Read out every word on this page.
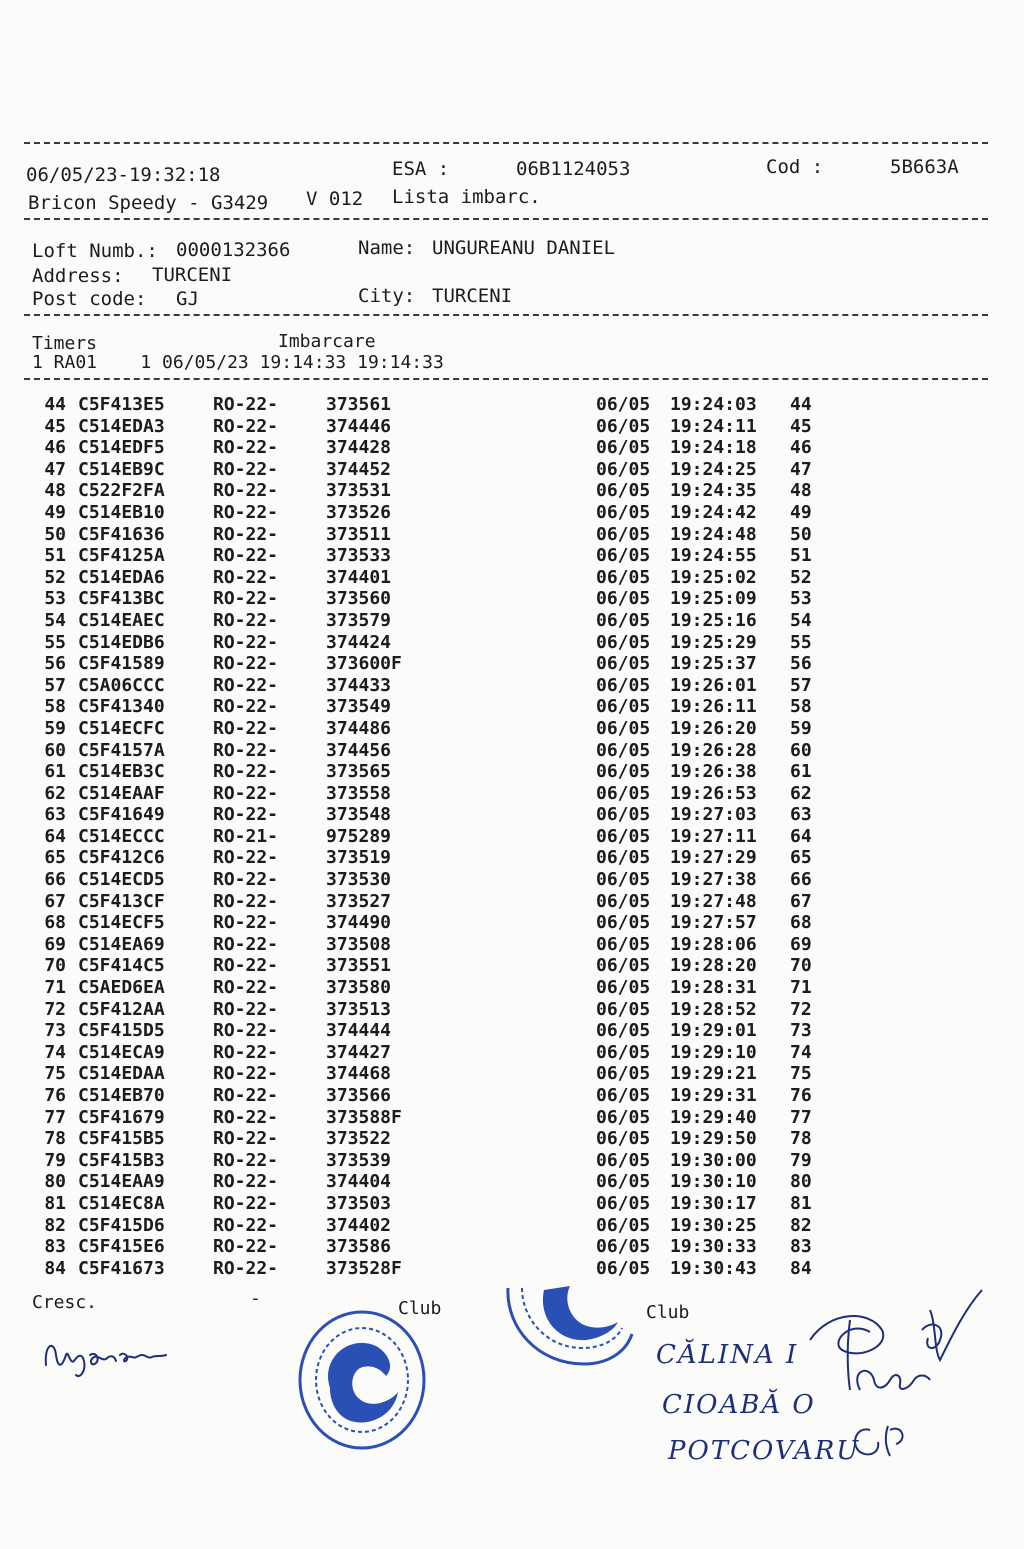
06/05/23-19:32:18	ESA :	06B1124053	Cod :	5B663A
Bricon Speedy - G3429 V 012 Lista imbarc.
Loft Numb.: 0000132366	Name: UNGUREANU DANIEL
Address: TURCENI
Post code: GJ	City: TURCENI
Timers	Imbarcare
1 RA01    1 06/05/23 19:14:33 19:14:33
44 C5F413E5	RO-22-	373561	06/05 19:24:03 44
45 C514EDA3	RO-22-	374446	06/05 19:24:11 45
46 C514EDF5	RO-22-	374428	06/05 19:24:18 46
47 C514EB9C	RO-22-	374452	06/05 19:24:25 47
48 C522F2FA	RO-22-	373531	06/05 19:24:35 48
49 C514EB10	RO-22-	373526	06/05 19:24:42 49
50 C5F41636	RO-22-	373511	06/05 19:24:48 50
51 C5F4125A	RO-22-	373533	06/05 19:24:55 51
52 C514EDA6	RO-22-	374401	06/05 19:25:02 52
53 C5F413BC	RO-22-	373560	06/05 19:25:09 53
54 C514EAEC	RO-22-	373579	06/05 19:25:16 54
55 C514EDB6	RO-22-	374424	06/05 19:25:29 55
56 C5F41589	RO-22-	373600F	06/05 19:25:37 56
57 C5A06CCC	RO-22-	374433	06/05 19:26:01 57
58 C5F41340	RO-22-	373549	06/05 19:26:11 58
59 C514ECFC	RO-22-	374486	06/05 19:26:20 59
60 C5F4157A	RO-22-	374456	06/05 19:26:28 60
61 C514EB3C	RO-22-	373565	06/05 19:26:38 61
62 C514EAAF	RO-22-	373558	06/05 19:26:53 62
63 C5F41649	RO-22-	373548	06/05 19:27:03 63
64 C514ECCC	RO-21-	975289	06/05 19:27:11 64
65 C5F412C6	RO-22-	373519	06/05 19:27:29 65
66 C514ECD5	RO-22-	373530	06/05 19:27:38 66
67 C5F413CF	RO-22-	373527	06/05 19:27:48 67
68 C514ECF5	RO-22-	374490	06/05 19:27:57 68
69 C514EA69	RO-22-	373508	06/05 19:28:06 69
70 C5F414C5	RO-22-	373551	06/05 19:28:20 70
71 C5AED6EA	RO-22-	373580	06/05 19:28:31 71
72 C5F412AA	RO-22-	373513	06/05 19:28:52 72
73 C5F415D5	RO-22-	374444	06/05 19:29:01 73
74 C514ECA9	RO-22-	374427	06/05 19:29:10 74
75 C514EDAA	RO-22-	374468	06/05 19:29:21 75
76 C514EB70	RO-22-	373566	06/05 19:29:31 76
77 C5F41679	RO-22-	373588F	06/05 19:29:40 77
78 C5F415B5	RO-22-	373522	06/05 19:29:50 78
79 C5F415B3	RO-22-	373539	06/05 19:30:00 79
80 C514EAA9	RO-22-	374404	06/05 19:30:10 80
81 C514EC8A	RO-22-	373503	06/05 19:30:17 81
82 C5F415D6	RO-22-	374402	06/05 19:30:25 82
83 C5F415E6	RO-22-	373586	06/05 19:30:33 83
84 C5F41673	RO-22-	373528F	06/05 19:30:43 84
Cresc.	-	Club	Club
CĂLINA I
CIOABĂ O
POTCOVARU
